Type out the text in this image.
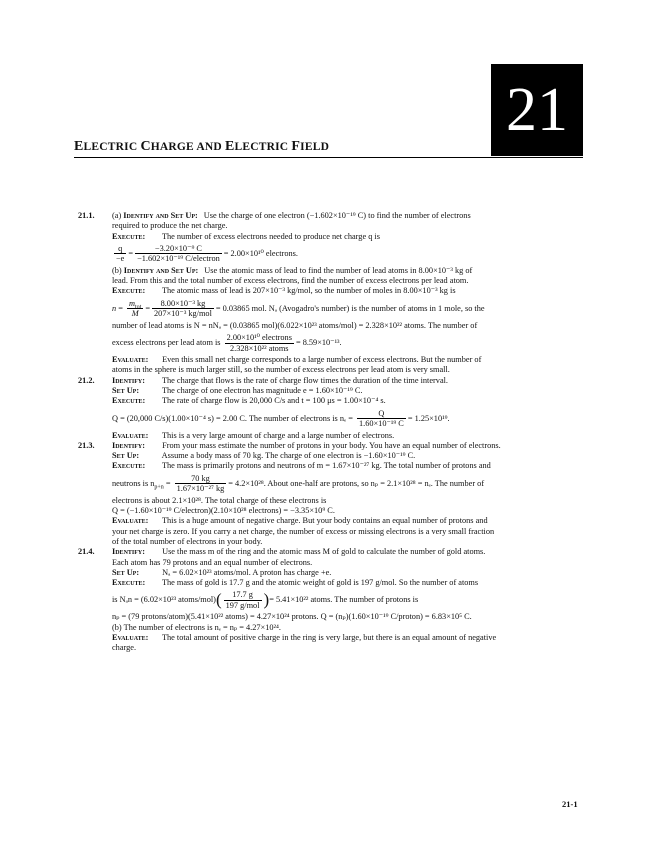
21
ELECTRIC CHARGE AND ELECTRIC FIELD
21.1. (a) Identify and Set Up: Use the charge of one electron (−1.602×10⁻¹⁹ C) to find the number of electrons
required to produce the net charge.
Execute: The number of excess electrons needed to produce net charge q is
$\frac{q}{-e} = \frac{\text{−3.20×10⁻⁹ C}}{\text{−1.602×10⁻¹⁹ C/electron}} = 2.00\times 10^{10}$ electrons.
(b) Identify and Set Up: Use the atomic mass of lead to find the number of lead atoms in 8.00×10⁻³ kg of
lead. From this and the total number of excess electrons, find the number of excess electrons per lead atom.
Execute: The atomic mass of lead is 207×10⁻³ kg/mol, so the number of moles in 8.00×10⁻³ kg is
$n = \frac{m_{tot}}{M} = \frac{\text{8.00×10⁻³ kg}}{\text{207×10⁻³ kg/mol}} = 0.03865$ mol. Nₐ (Avogadro's number) is the number of atoms in 1 mole, so the
number of lead atoms is N = nNₐ = (0.03865 mol)(6.022×10²³ atoms/mol) = 2.328×10²² atoms. The number of
excess electrons per lead atom is $\frac{\text{2.00×10¹⁰ electrons}}{\text{2.328×10²² atoms}} = 8.59\times 10^{-13}$.
Evaluate: Even this small net charge corresponds to a large number of excess electrons. But the number of
atoms in the sphere is much larger still, so the number of excess electrons per lead atom is very small.
21.2. Identify: The charge that flows is the rate of charge flow times the duration of the time interval.
Set Up:	The charge of one electron has magnitude e = 1.60×10⁻¹⁹ C.
Execute: The rate of charge flow is 20,000 C/s and t = 100 μs = 1.00×10⁻⁴ s.
Q = (20,000 C/s)(1.00×10⁻⁴ s) = 2.00 C. The number of electrons is $n_e = \frac{Q}{\text{1.60×10⁻¹⁹ C}} = 1.25\times 10^{19}$.
Evaluate: This is a very large amount of charge and a large number of electrons.
21.3. Identify: From your mass estimate the number of protons in your body. You have an equal number of electrons.
Set Up:	Assume a body mass of 70 kg. The charge of one electron is −1.60×10⁻¹⁹ C.
Execute: The mass is primarily protons and neutrons of m = 1.67×10⁻²⁷ kg. The total number of protons and
neutrons is $n_{p+n} = \frac{70 kg}{\text{1.67×10⁻²⁷ kg}} = 4.2\times 10^{28}$. About one-half are protons, so nₚ = 2.1×10²⁸ = nₑ. The number of
electrons is about 2.1×10²⁸. The total charge of these electrons is
Q = (−1.60×10⁻¹⁹ C/electron)(2.10×10²⁸ electrons) = −3.35×10⁹ C.
Evaluate: This is a huge amount of negative charge. But your body contains an equal number of protons and
your net charge is zero. If you carry a net charge, the number of excess or missing electrons is a very small fraction
of the total number of electrons in your body.
21.4. Identify: Use the mass m of the ring and the atomic mass M of gold to calculate the number of gold atoms.
Each atom has 79 protons and an equal number of electrons.
Set Up:	Nₐ = 6.02×10²³ atoms/mol. A proton has charge +e.
Execute: The mass of gold is 17.7 g and the atomic weight of gold is 197 g/mol. So the number of atoms
is Nₐn = (6.02×10²³ atoms/mol)( $\frac{17.7 g}{\text{197 g/mol}}$ )= 5.41×10²² atoms. The number of protons is
nₚ = (79 protons/atom)(5.41×10²² atoms) = 4.27×10²⁴ protons. Q = (nₚ)(1.60×10⁻¹⁹ C/proton) = 6.83×10⁵ C.
(b) The number of electrons is nₑ = nₚ = 4.27×10²⁴.
Evaluate: The total amount of positive charge in the ring is very large, but there is an equal amount of negative
charge.
21-1
